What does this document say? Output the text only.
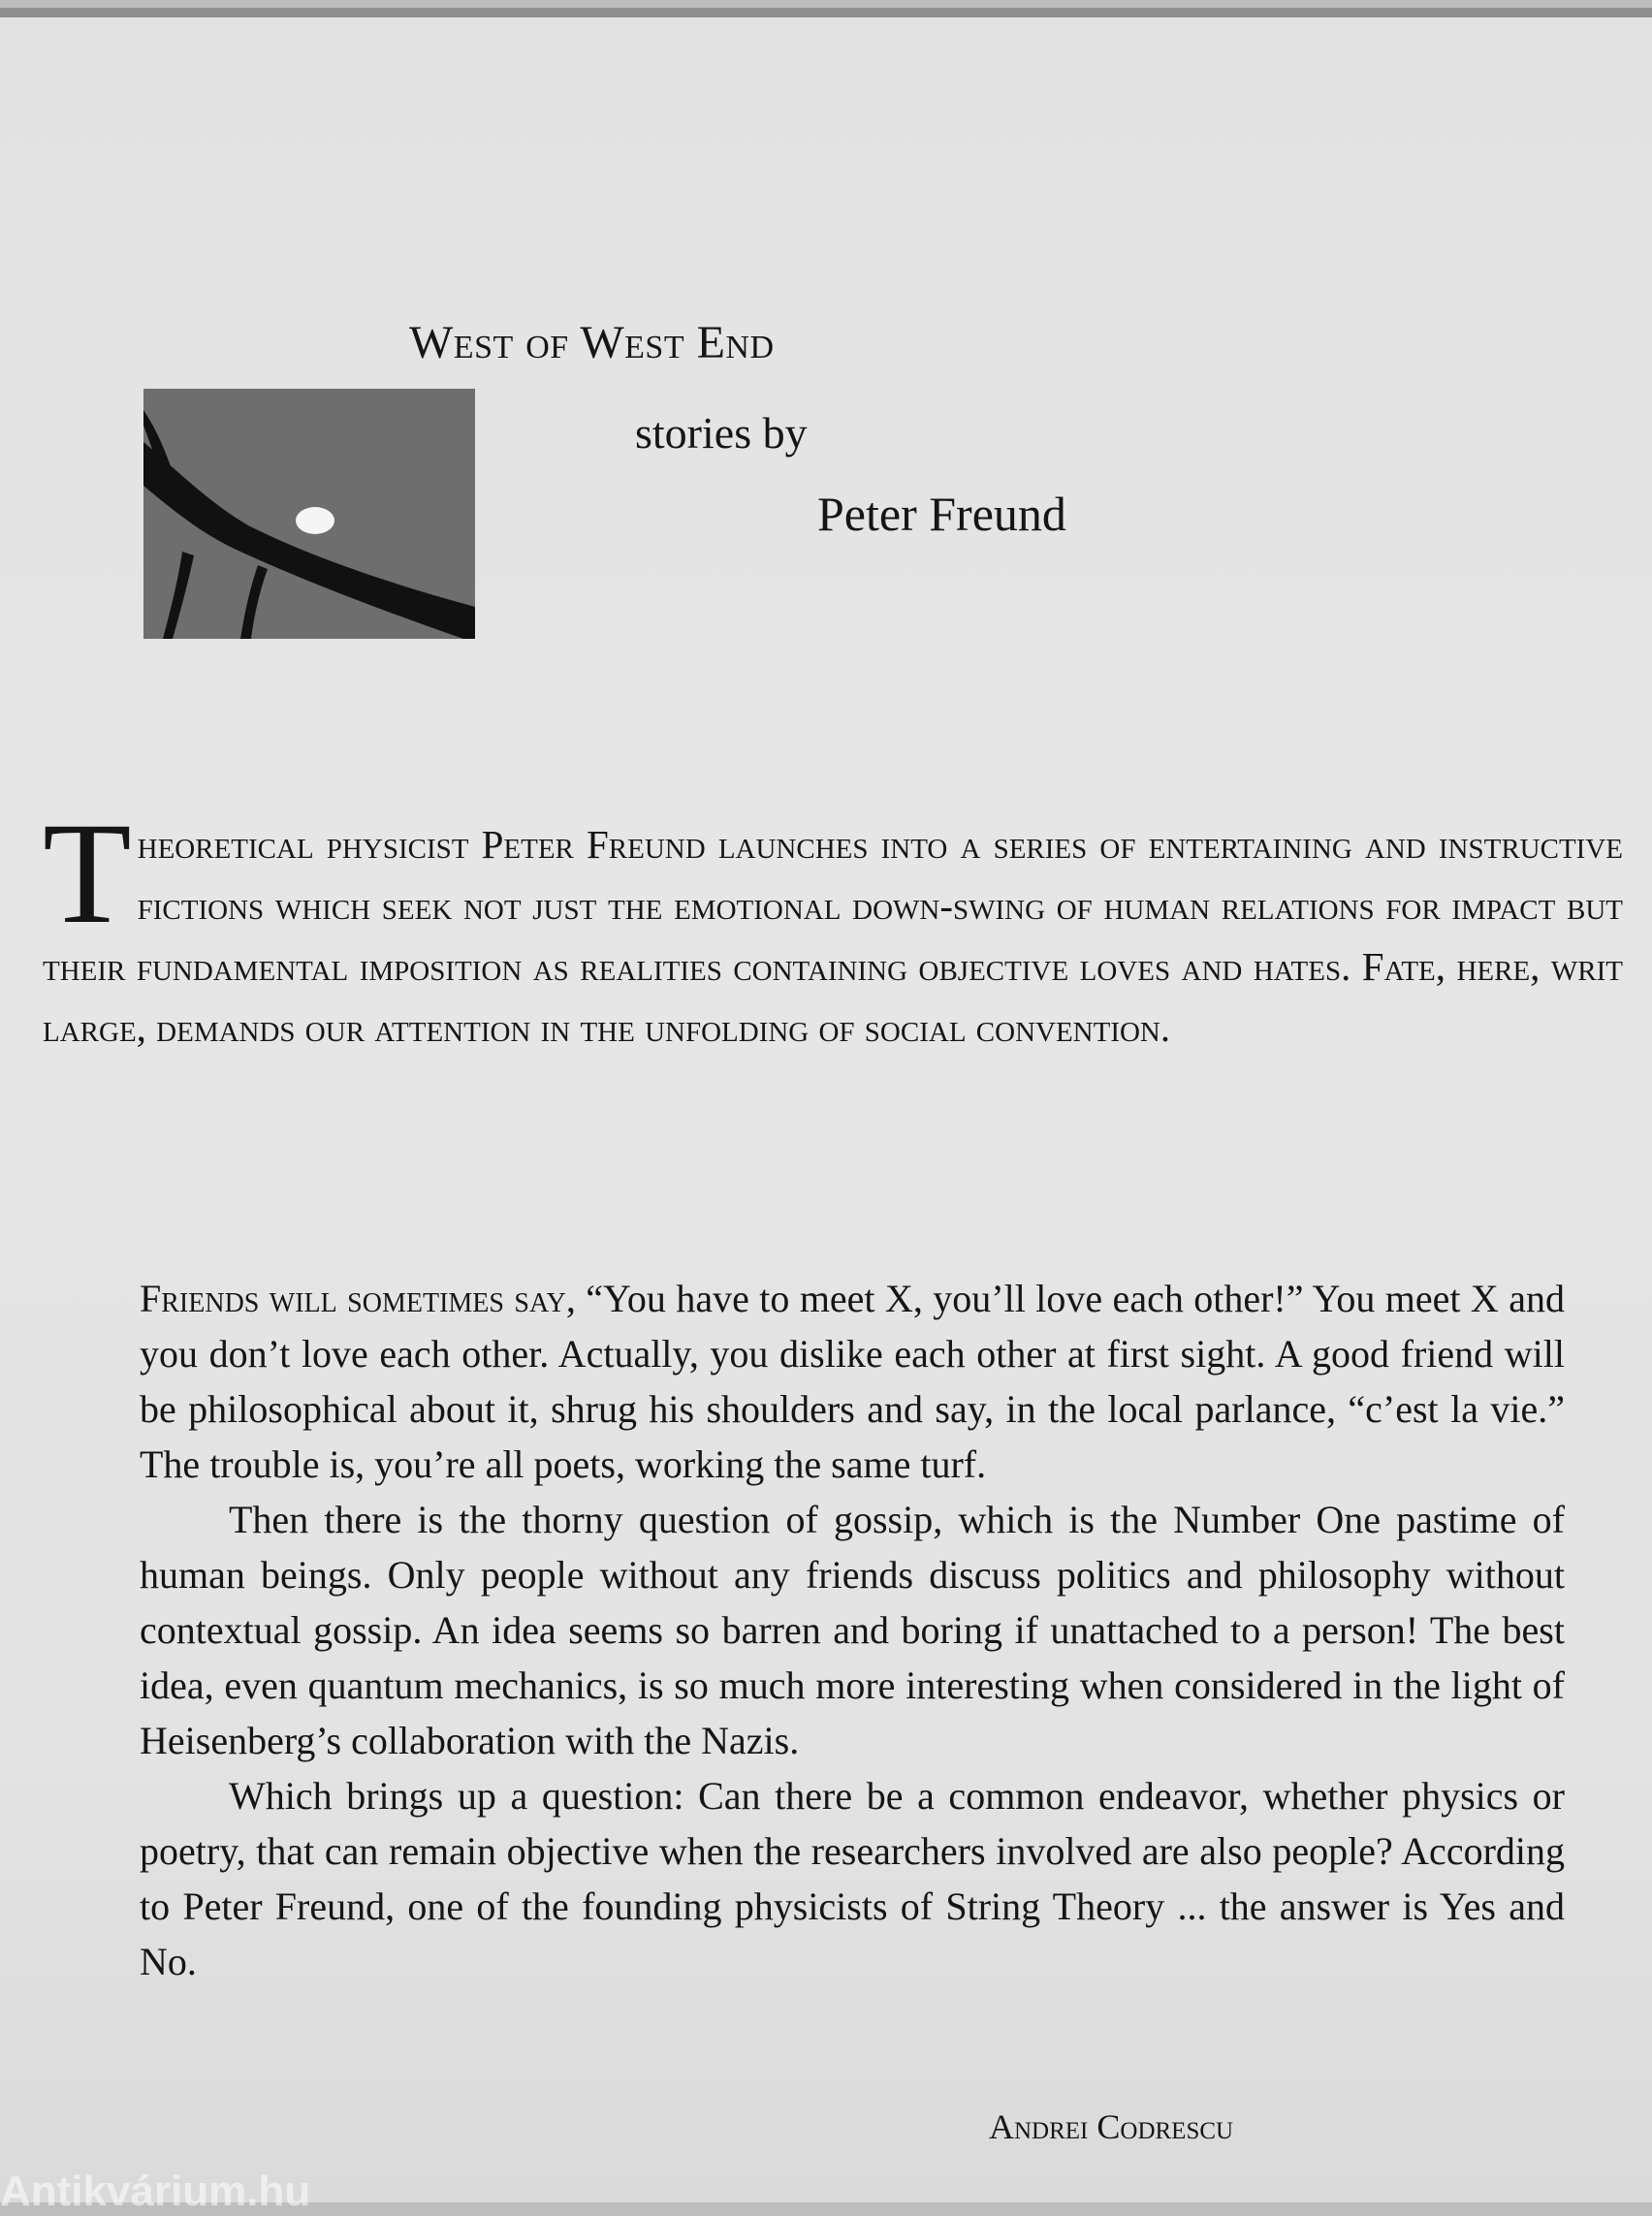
West of West End
stories by
Peter Freund
Theoretical physicist Peter Freund launches into a series of entertaining and instructive fictions which seek not just the emotional down-swing of human relations for impact but their fundamental imposition as realities containing objective loves and hates. Fate, here, writ large, demands our attention in the unfolding of social convention.

Friends will sometimes say, “You have to meet X, you’ll love each other!” You meet X and you don’t love each other. Actually, you dislike each other at first sight. A good friend will be philosophical about it, shrug his shoulders and say, in the local parlance, “c’est la vie.” The trouble is, you’re all poets, working the same turf.

Then there is the thorny question of gossip, which is the Number One pastime of human beings. Only people without any friends discuss politics and philosophy without contextual gossip. An idea seems so barren and boring if unattached to a person! The best idea, even quantum mechanics, is so much more interesting when considered in the light of Heisenberg’s collaboration with the Nazis.

Which brings up a question: Can there be a common endeavor, whether physics or poetry, that can remain objective when the researchers involved are also people? According to Peter Freund, one of the founding physicists of String Theory ... the answer is Yes and No.

Andrei Codrescu
Antikvárium.hu
